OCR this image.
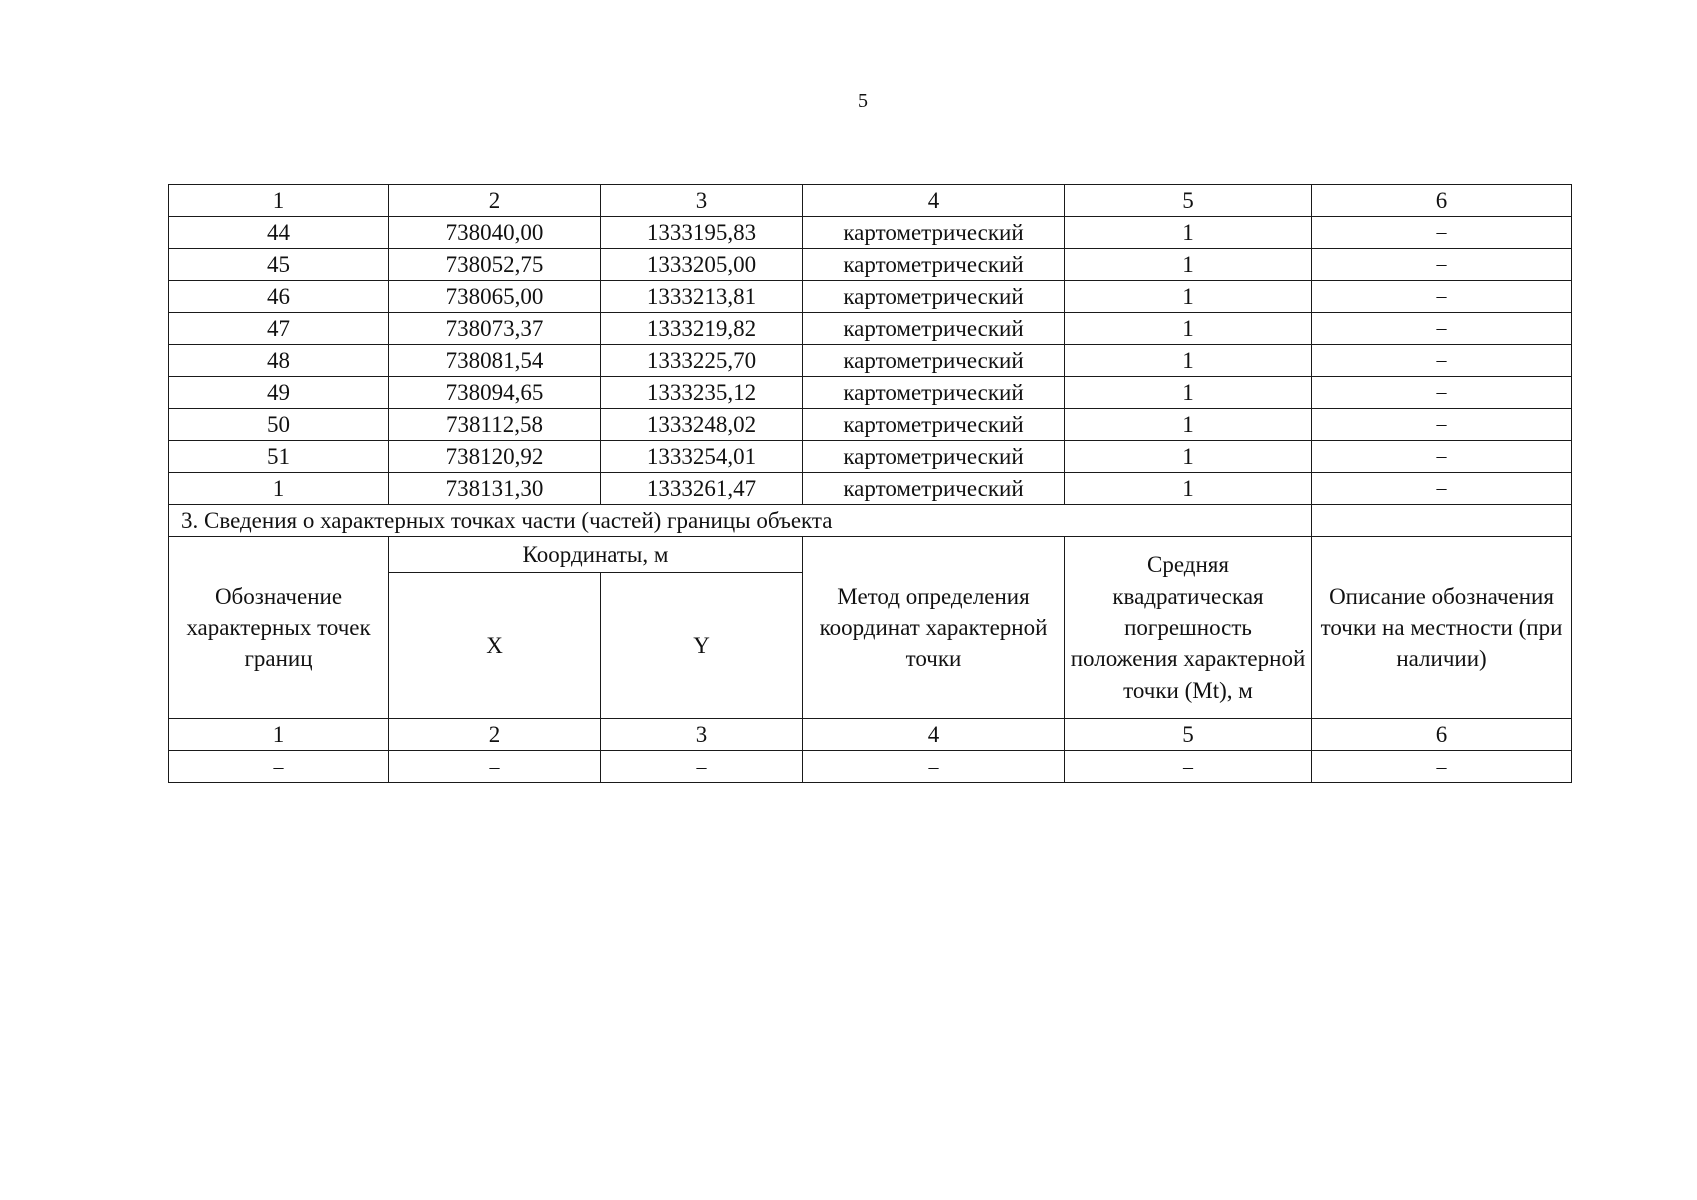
5
1	2	3	4	5	6
44	738040,00	1333195,83	картометрический	1	–
45	738052,75	1333205,00	картометрический	1	–
46	738065,00	1333213,81	картометрический	1	–
47	738073,37	1333219,82	картометрический	1	–
48	738081,54	1333225,70	картометрический	1	–
49	738094,65	1333235,12	картометрический	1	–
50	738112,58	1333248,02	картометрический	1	–
51	738120,92	1333254,01	картометрический	1	–
1	738131,30	1333261,47	картометрический	1	–
3. Сведения о характерных точках части (частей) границы объекта					
Обозначение характерных точек границ	Координаты, м		Метод определения координат характерной точки	Средняя квадратическая погрешность положения характерной точки (Mt), м	Описание обозначения точки на местности (при наличии)
	X	Y			
1	2	3	4	5	6
–	–	–	–	–	–
